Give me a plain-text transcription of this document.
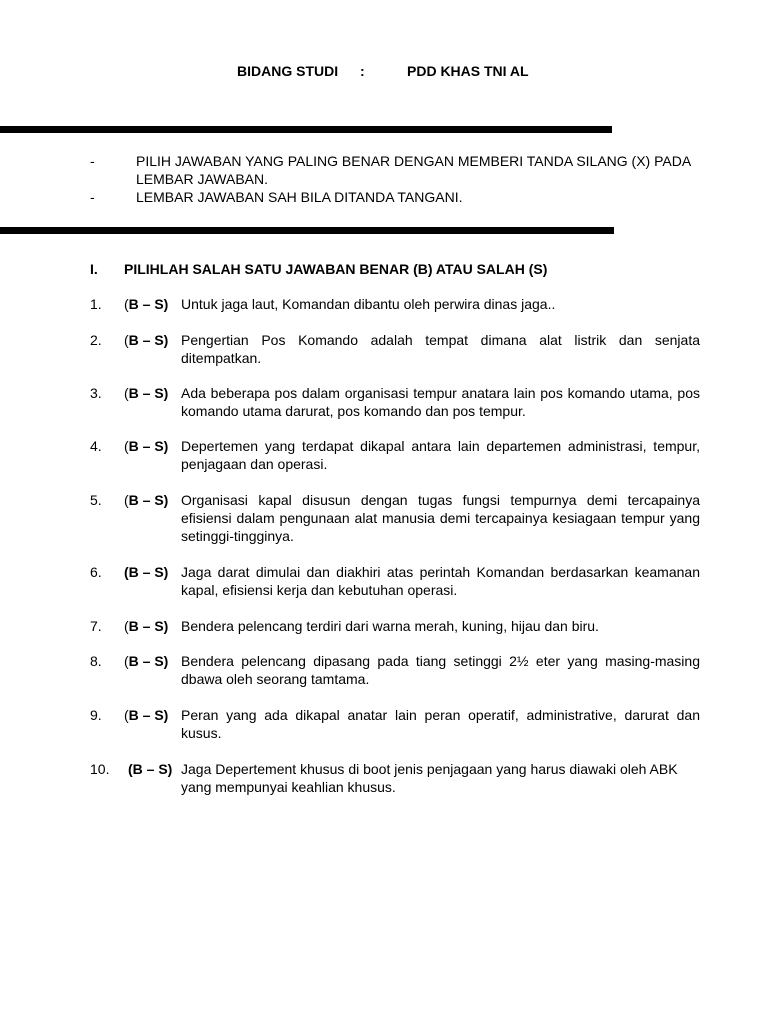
BIDANG STUDI :	PDD KHAS TNI AL
-	PILIH JAWABAN YANG PALING BENAR DENGAN MEMBERI TANDA SILANG (X) PADA LEMBAR JAWABAN.
-	LEMBAR JAWABAN SAH BILA DITANDA TANGANI.
I. PILIHLAH SALAH SATU JAWABAN BENAR (B) ATAU SALAH (S)
1. (B – S) Untuk jaga laut, Komandan dibantu oleh perwira dinas jaga..
2. (B – S) Pengertian Pos Komando adalah tempat dimana alat listrik dan senjata ditempatkan.
3. (B – S) Ada beberapa pos dalam organisasi tempur anatara lain pos komando utama, pos komando utama darurat, pos komando dan pos tempur.
4. (B – S) Depertemen yang terdapat dikapal antara lain departemen administrasi, tempur, penjagaan dan operasi.
5. (B – S) Organisasi kapal disusun dengan tugas fungsi tempurnya demi tercapainya efisiensi dalam pengunaan alat manusia demi tercapainya kesiagaan tempur yang setinggi-tingginya.
6. (B – S) Jaga darat dimulai dan diakhiri atas perintah Komandan berdasarkan keamanan kapal, efisiensi kerja dan kebutuhan operasi.
7. (B – S) Bendera pelencang terdiri dari warna merah, kuning, hijau dan biru.
8. (B – S) Bendera pelencang dipasang pada tiang setinggi 2½ eter yang masing-masing dbawa oleh seorang tamtama.
9. (B – S) Peran yang ada dikapal anatar lain peran operatif, administrative, darurat dan kusus.
10. (B – S) Jaga Depertement khusus di boot jenis penjagaan yang harus diawaki oleh ABK yang mempunyai keahlian khusus.
